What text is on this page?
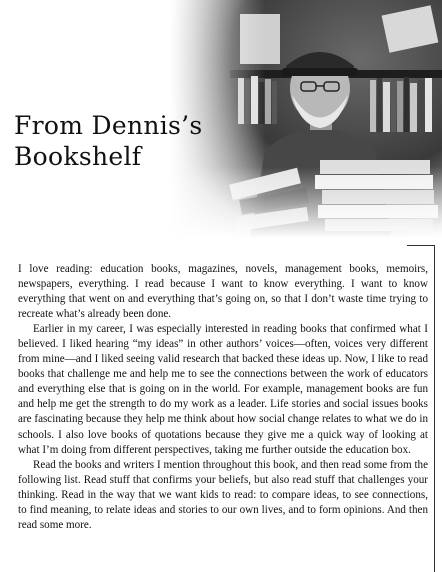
From Dennis’s
Bookshelf

I love reading: education books, magazines, novels, management books, memoirs, newspapers, everything. I read because I want to know everything. I want to know everything that went on and everything that’s going on, so that I don’t waste time trying to recreate what’s already been done.

Earlier in my career, I was especially interested in reading books that confirmed what I believed. I liked hearing “my ideas” in other authors’ voices—often, voices very different from mine—and I liked seeing valid research that backed these ideas up. Now, I like to read books that challenge me and help me to see the connections between the work of educators and everything else that is going on in the world. For example, management books are fun and help me get the strength to do my work as a leader. Life stories and social issues books are fascinating because they help me think about how social change relates to what we do in schools. I also love books of quotations because they give me a quick way of looking at what I’m doing from different perspectives, taking me further outside the education box.

Read the books and writers I mention throughout this book, and then read some from the following list. Read stuff that confirms your beliefs, but also read stuff that challenges your thinking. Read in the way that we want kids to read: to compare ideas, to see connections, to find meaning, to relate ideas and stories to our own lives, and to form opinions. And then read some more.
